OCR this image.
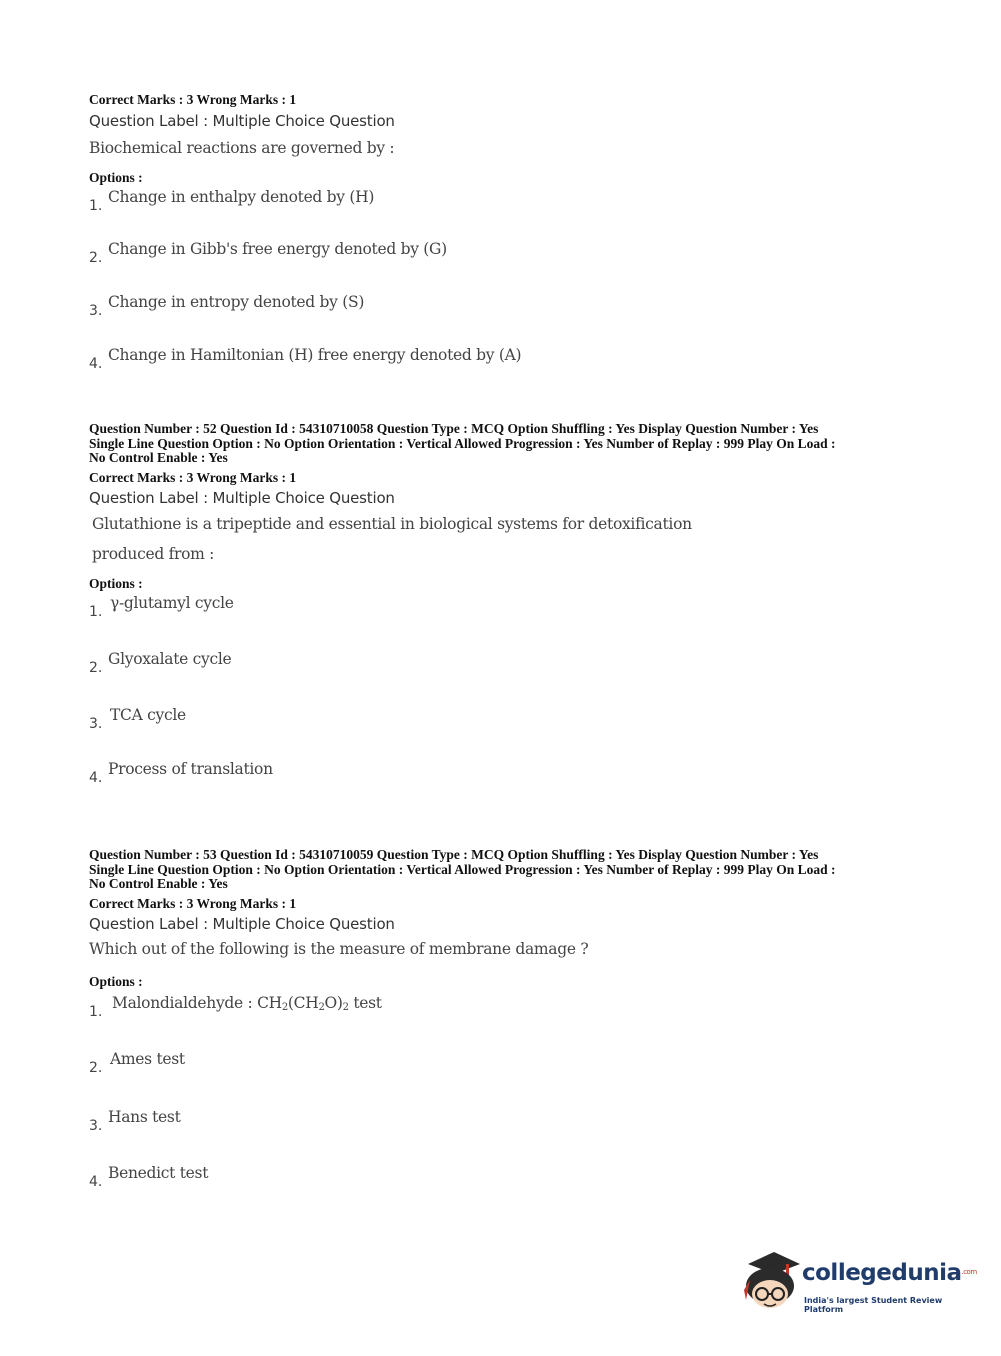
Correct Marks : 3 Wrong Marks : 1

Question Label : Multiple Choice Question

Biochemical reactions are governed by :

Options :

1. Change in enthalpy denoted by (H)
2. Change in Gibb's free energy denoted by (G)
3. Change in entropy denoted by (S)
4. Change in Hamiltonian (H) free energy denoted by (A)

Question Number : 52 Question Id : 54310710058 Question Type : MCQ Option Shuffling : Yes Display Question Number : Yes

Single Line Question Option : No Option Orientation : Vertical Allowed Progression : Yes Number of Replay : 999 Play On Load :

No Control Enable : Yes

Correct Marks : 3 Wrong Marks : 1

Question Label : Multiple Choice Question

Glutathione is a tripeptide and essential in biological systems for detoxification

produced from :

Options :

1. γ-glutamyl cycle
2. Glyoxalate cycle
3. TCA cycle
4. Process of translation

Question Number : 53 Question Id : 54310710059 Question Type : MCQ Option Shuffling : Yes Display Question Number : Yes

Single Line Question Option : No Option Orientation : Vertical Allowed Progression : Yes Number of Replay : 999 Play On Load :

No Control Enable : Yes

Correct Marks : 3 Wrong Marks : 1

Question Label : Multiple Choice Question

Which out of the following is the measure of membrane damage ?

Options :

1. Malondialdehyde : $CH_2(CH_2O)_2$ test
2. Ames test
3. Hans test
4. Benedict test
collegedunia$^{.com}$
India's largest Student Review Platform
